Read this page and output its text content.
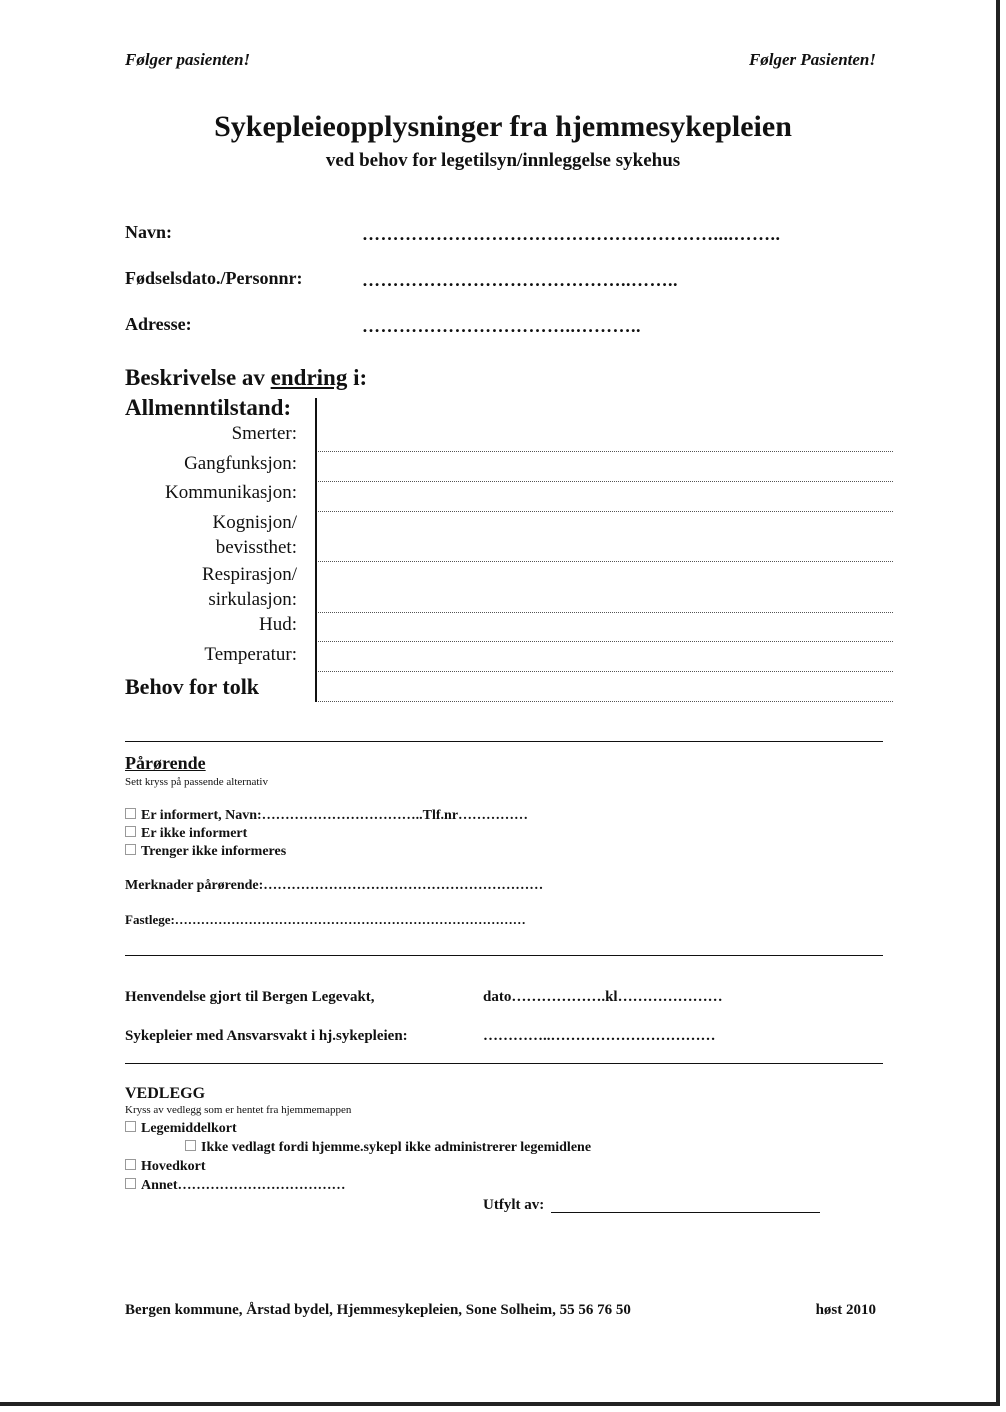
Følger pasienten!	Følger Pasienten!
Sykepleieopplysninger fra hjemmesykepleien
ved behov for legetilsyn/innleggelse sykehus
Navn:	…………………………………………………....……..
Fødselsdato./Personnr:	……………………………………..……..
Adresse:	……………………………..………..
Beskrivelse av endring i:
Allmenntilstand:
Smerter:
Gangfunksjon:
Kommunikasjon:
Kognisjon/
bevissthet:
Respirasjon/
sirkulasjon:
Hud:
Temperatur:
Behov for tolk
Pårørende
Sett kryss på passende alternativ
Er informert, Navn:……………………………..Tlf.nr……………
Er ikke informert
Trenger ikke informeres
Merknader pårørende:……………………………………………………
Fastlege:………………………………………………………………………
Henvendelse gjort til Bergen Legevakt,	dato……………….kl…………………
Sykepleier med Ansvarsvakt i hj.sykepleien:	…………..……………………………
VEDLEGG
Kryss av vedlegg som er hentet fra hjemmemappen
Legemiddelkort
Ikke vedlagt fordi hjemme.sykepl ikke administrerer legemidlene
Hovedkort
Annet………………………………
Utfylt av:
Bergen kommune, Årstad bydel, Hjemmesykepleien, Sone Solheim, 55 56 76 50	høst 2010
